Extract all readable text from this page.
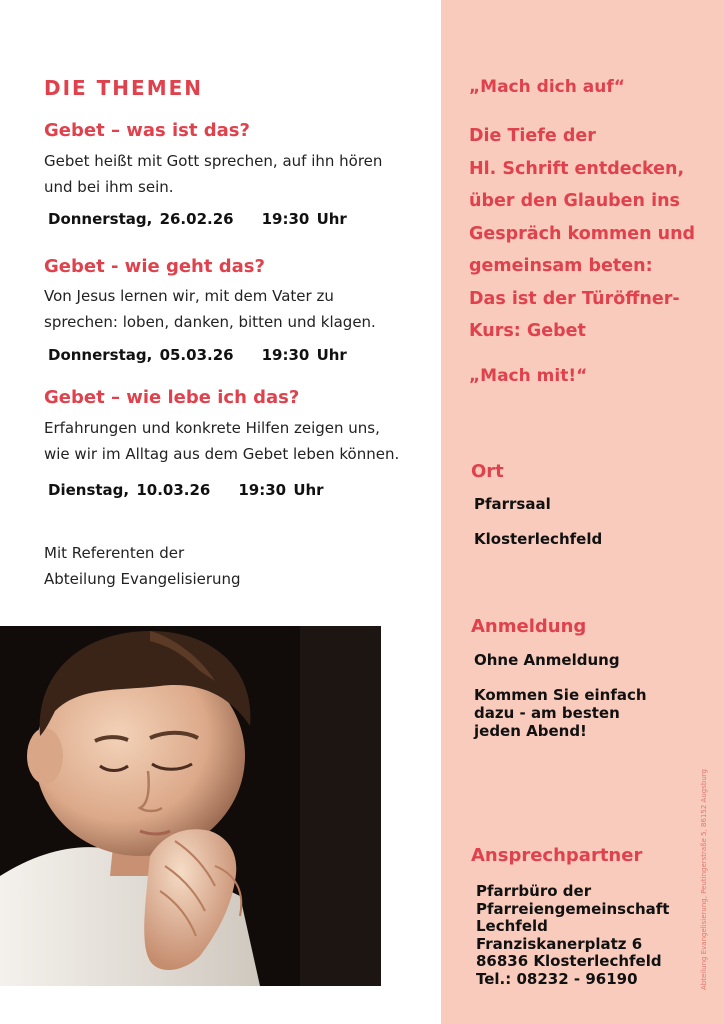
DIE THEMEN
Gebet – was ist das?
Gebet heißt mit Gott sprechen, auf ihn hören
und bei ihm sein.
Donnerstag, 26.02.26 19:30 Uhr
Gebet - wie geht das?
Von Jesus lernen wir, mit dem Vater zu
sprechen: loben, danken, bitten und klagen.
Donnerstag, 05.03.26 19:30 Uhr
Gebet – wie lebe ich das?
Erfahrungen und konkrete Hilfen zeigen uns,
wie wir im Alltag aus dem Gebet leben können.
Dienstag, 10.03.26 19:30 Uhr
Mit Referenten der
Abteilung Evangelisierung
„Mach dich auf“
Die Tiefe der
Hl. Schrift entdecken,
über den Glauben ins
Gespräch kommen und
gemeinsam beten:
Das ist der Türöffner-
Kurs: Gebet
„Mach mit!“
Ort
Pfarrsaal
Klosterlechfeld
Anmeldung
Ohne Anmeldung
Kommen Sie einfach
dazu - am besten
jeden Abend!
Ansprechpartner
Pfarrbüro der
Pfarreiengemeinschaft
Lechfeld
Franziskanerplatz 6
86836 Klosterlechfeld
Tel.: 08232 - 96190	Abteilung Evangelisierung, Peutingerstraße 5, 86152 Augsburg
